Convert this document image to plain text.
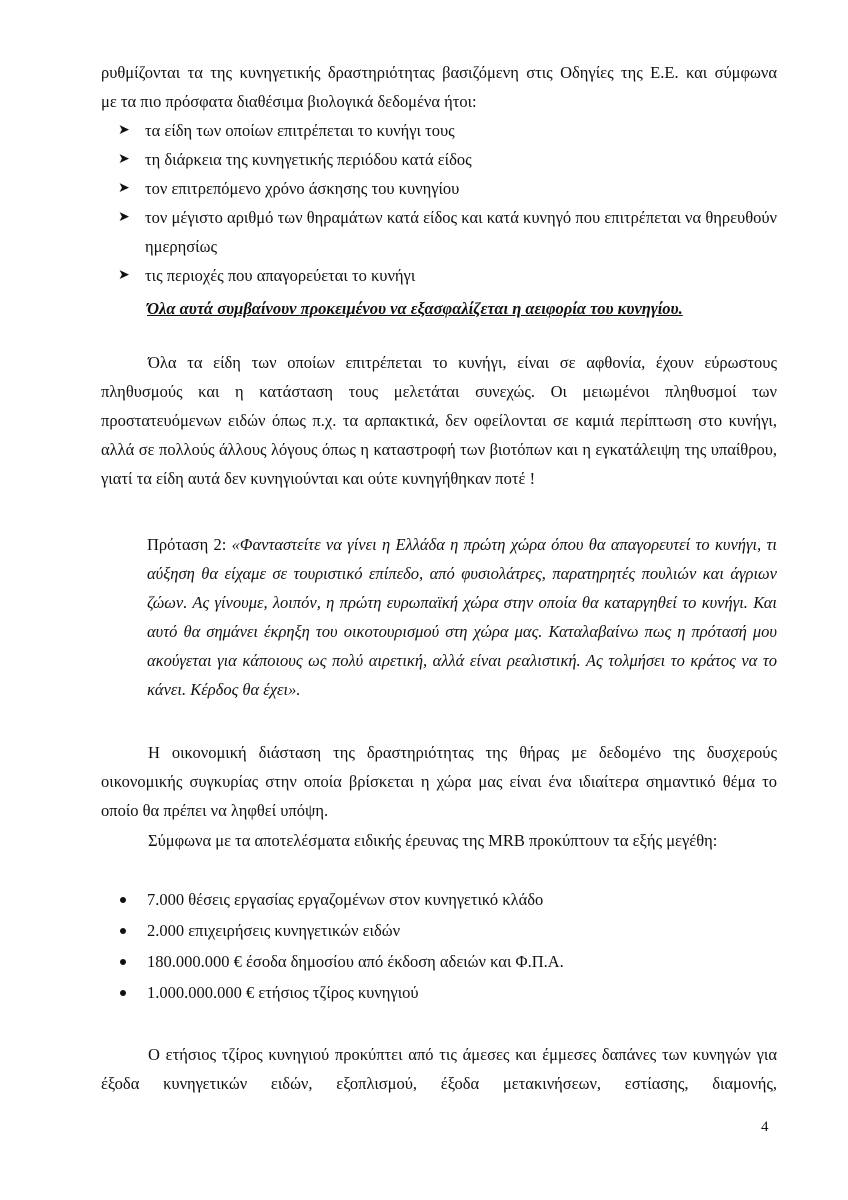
ρυθμίζονται τα της κυνηγετικής δραστηριότητας βασιζόμενη στις Οδηγίες της Ε.Ε. και σύμφωνα

με τα πιο πρόσφατα διαθέσιμα βιολογικά δεδομένα ήτοι:

➤ τα είδη των οποίων επιτρέπεται το κυνήγι τους
➤ τη διάρκεια της κυνηγετικής περιόδου κατά είδος
➤ τον επιτρεπόμενο χρόνο άσκησης του κυνηγίου
➤ τον μέγιστο αριθμό των θηραμάτων κατά είδος και κατά κυνηγό που επιτρέπεται να θηρευθούν ημερησίως
➤ τις περιοχές που απαγορεύεται το κυνήγι

Όλα αυτά συμβαίνουν προκειμένου να εξασφαλίζεται η αειφορία του κυνηγίου.

Όλα τα είδη των οποίων επιτρέπεται το κυνήγι, είναι σε αφθονία, έχουν εύρωστους πληθυσμούς και η κατάσταση τους μελετάται συνεχώς. Οι μειωμένοι πληθυσμοί των προστατευόμενων ειδών όπως π.χ. τα αρπακτικά, δεν οφείλονται σε καμιά περίπτωση στο κυνήγι, αλλά σε πολλούς άλλους λόγους όπως η καταστροφή των βιοτόπων και η εγκατάλειψη της υπαίθρου, γιατί τα είδη αυτά δεν κυνηγιούνται και ούτε κυνηγήθηκαν ποτέ !

Πρόταση 2: «Φανταστείτε να γίνει η Ελλάδα η πρώτη χώρα όπου θα απαγορευτεί το κυνήγι, τι αύξηση θα είχαμε σε τουριστικό επίπεδο, από φυσιολάτρες, παρατηρητές πουλιών και άγριων ζώων. Ας γίνουμε, λοιπόν, η πρώτη ευρωπαϊκή χώρα στην οποία θα καταργηθεί το κυνήγι. Και αυτό θα σημάνει έκρηξη του οικοτουρισμού στη χώρα μας. Καταλαβαίνω πως η πρότασή μου ακούγεται για κάποιους ως πολύ αιρετική, αλλά είναι ρεαλιστική. Ας τολμήσει το κράτος να το κάνει. Κέρδος θα έχει».

Η οικονομική διάσταση της δραστηριότητας της θήρας με δεδομένο της δυσχερούς οικονομικής συγκυρίας στην οποία βρίσκεται η χώρα μας είναι ένα ιδιαίτερα σημαντικό θέμα το οποίο θα πρέπει να ληφθεί υπόψη.

Σύμφωνα με τα αποτελέσματα ειδικής έρευνας της MRB προκύπτουν τα εξής μεγέθη:

7.000 θέσεις εργασίας εργαζομένων στον κυνηγετικό κλάδο
2.000 επιχειρήσεις κυνηγετικών ειδών
180.000.000 € έσοδα δημοσίου από έκδοση αδειών και Φ.Π.Α.
1.000.000.000 € ετήσιος τζίρος κυνηγιού

Ο ετήσιος τζίρος κυνηγιού προκύπτει από τις άμεσες και έμμεσες δαπάνες των κυνηγών για έξοδα κυνηγετικών ειδών, εξοπλισμού, έξοδα μετακινήσεων, εστίασης, διαμονής,

4
